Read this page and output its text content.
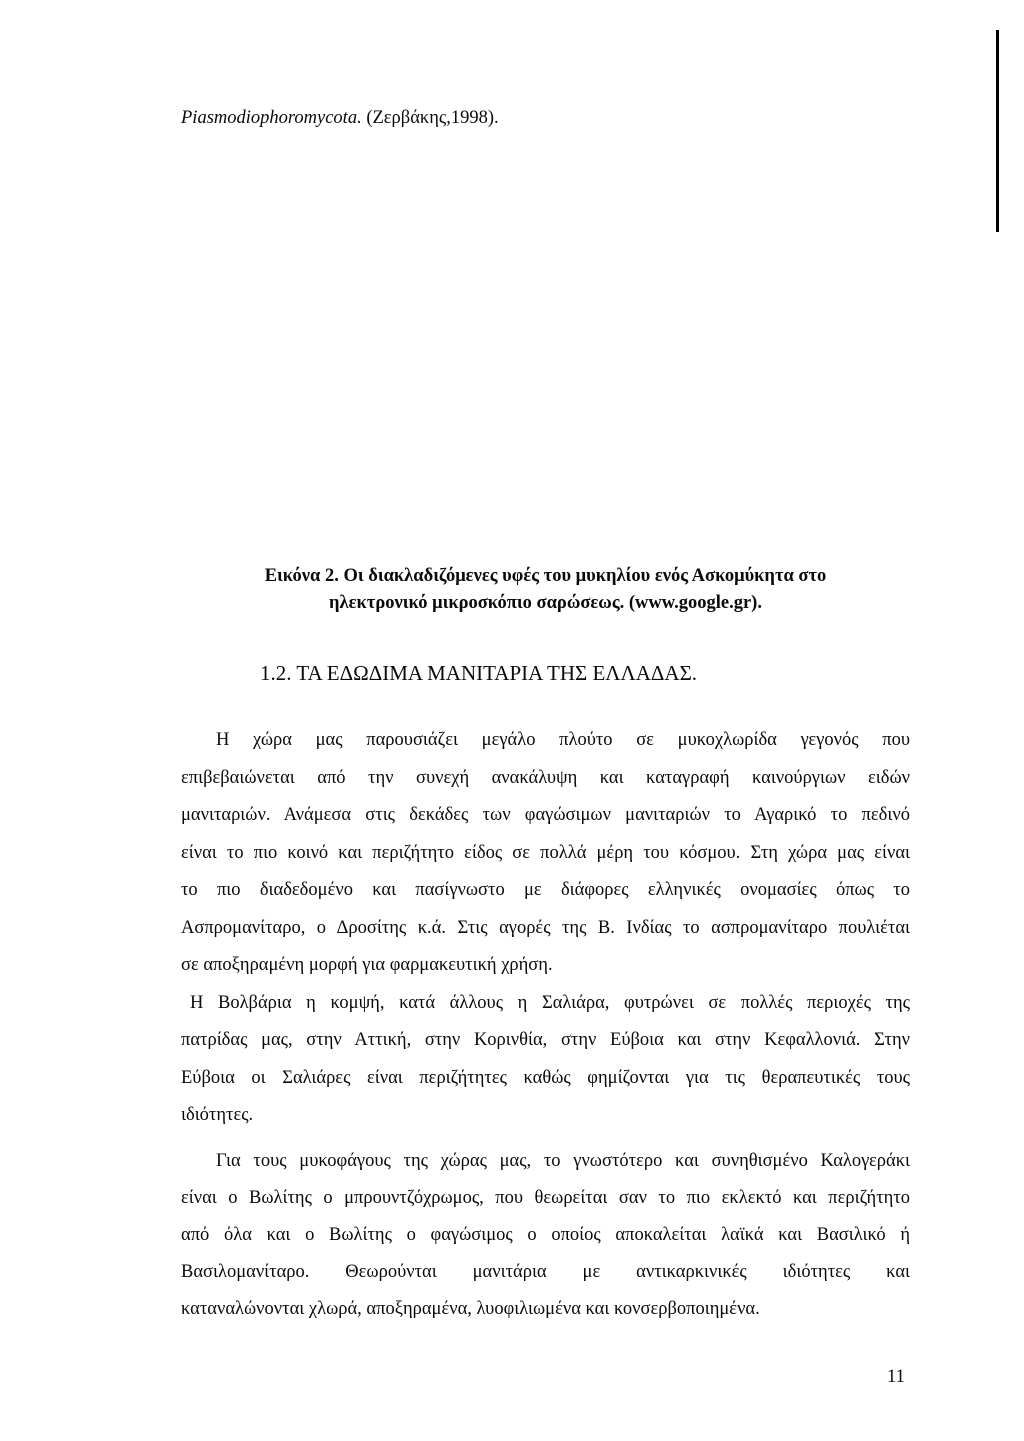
Piasmodiophoromycota. (Ζερβάκης,1998).
Εικόνα 2. Οι διακλαδιζόμενες υφές του μυκηλίου ενός Ασκομύκητα στο
ηλεκτρονικό μικροσκόπιο σαρώσεως. (www.google.gr).
1.2. ΤΑ ΕΔΩΔΙΜΑ ΜΑΝΙΤΑΡΙΑ ΤΗΣ ΕΛΛΑΔΑΣ.
Η χώρα μας παρουσιάζει μεγάλο πλούτο σε μυκοχλωρίδα γεγονός που
επιβεβαιώνεται από την συνεχή ανακάλυψη και καταγραφή καινούργιων ειδών
μανιταριών. Ανάμεσα στις δεκάδες των φαγώσιμων μανιταριών το Αγαρικό το πεδινό
είναι το πιο κοινό και περιζήτητο είδος σε πολλά μέρη του κόσμου. Στη χώρα μας είναι
το πιο διαδεδομένο και πασίγνωστο με διάφορες ελληνικές ονομασίες όπως το
Ασπρομανίταρο, ο Δροσίτης κ.ά. Στις αγορές της Β. Ινδίας το ασπρομανίταρο πουλιέται
σε αποξηραμένη μορφή για φαρμακευτική χρήση.
Η Βολβάρια η κομψή, κατά άλλους η Σαλιάρα, φυτρώνει σε πολλές περιοχές της
πατρίδας μας, στην Αττική, στην Κορινθία, στην Εύβοια και στην Κεφαλλονιά. Στην
Εύβοια οι Σαλιάρες είναι περιζήτητες καθώς φημίζονται για τις θεραπευτικές τους
ιδιότητες.
Για τους μυκοφάγους της χώρας μας, το γνωστότερο και συνηθισμένο Καλογεράκι
είναι ο Βωλίτης ο μπρουντζόχρωμος, που θεωρείται σαν το πιο εκλεκτό και περιζήτητο
από όλα και ο Βωλίτης ο φαγώσιμος ο οποίος αποκαλείται λαϊκά και Βασιλικό ή
Βασιλομανίταρο. Θεωρούνται μανιτάρια με αντικαρκινικές ιδιότητες και
καταναλώνονται χλωρά, αποξηραμένα, λυοφιλιωμένα και κονσερβοποιημένα.
11
